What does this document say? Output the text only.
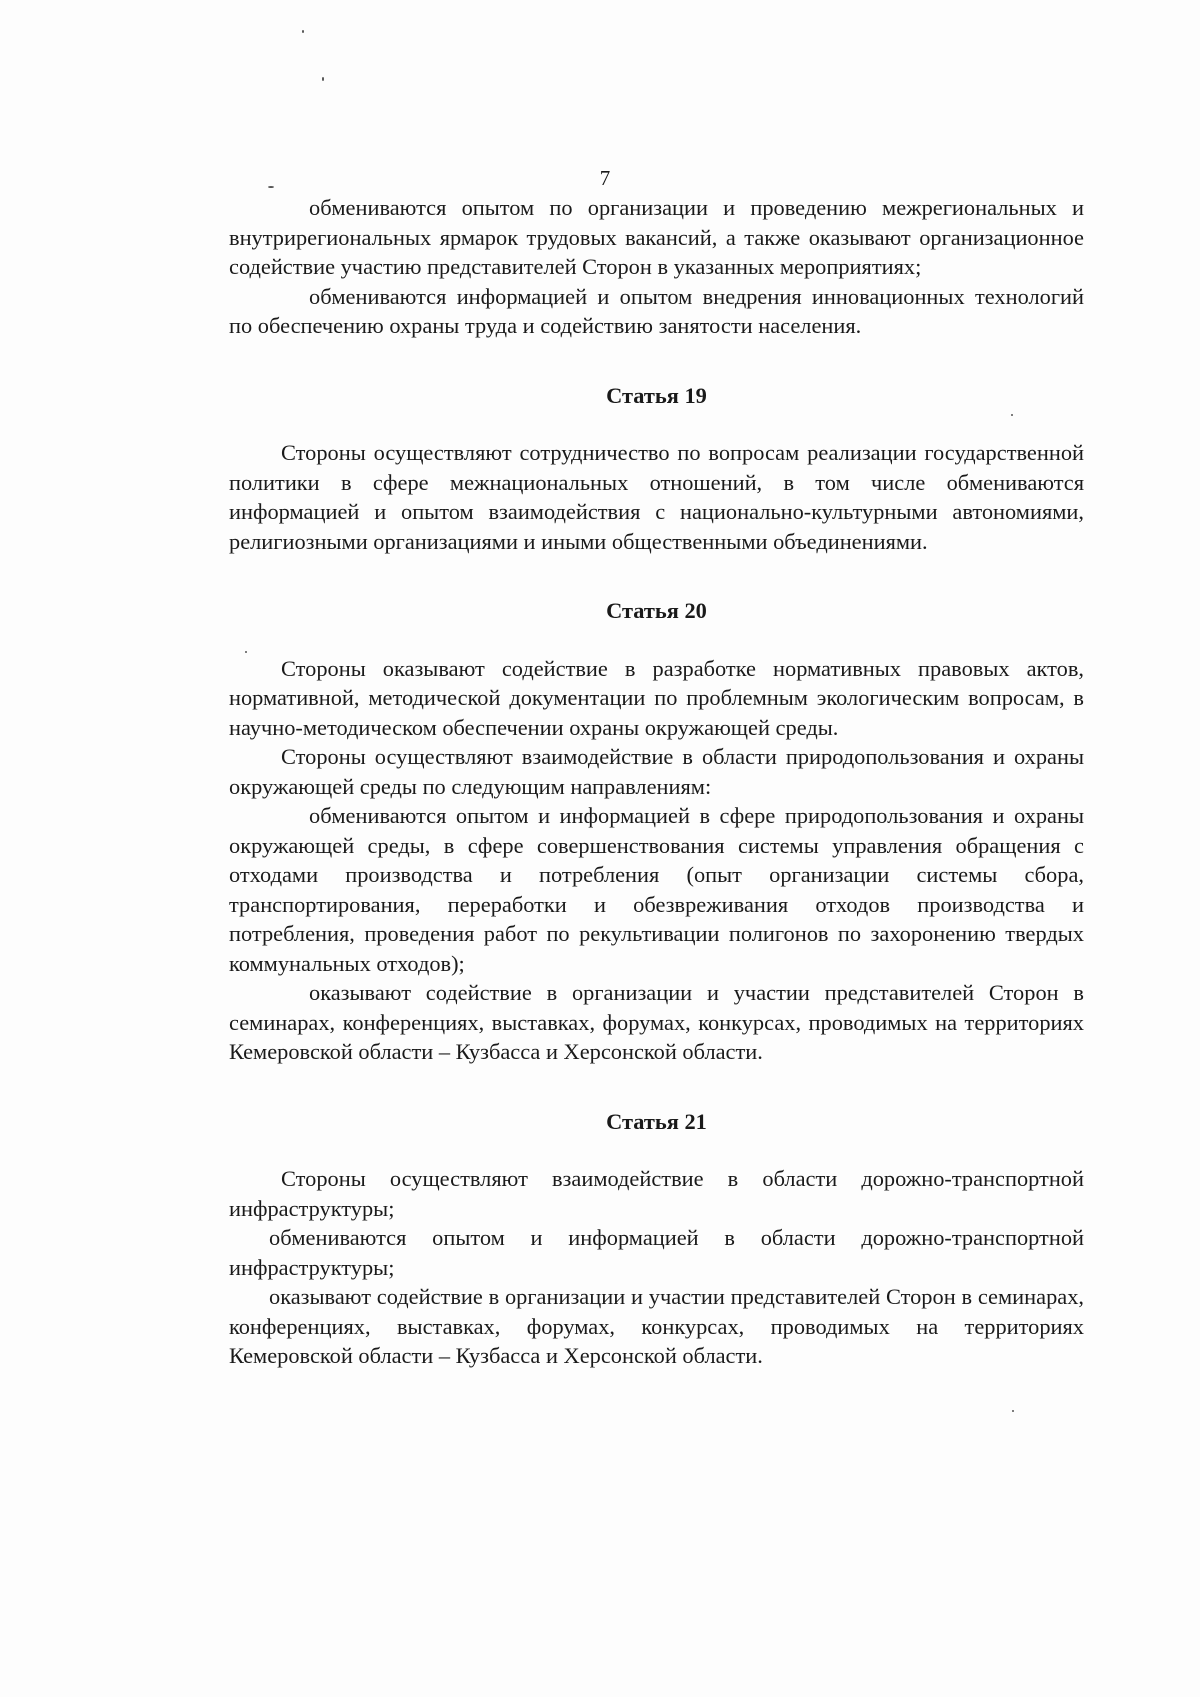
7

обмениваются опытом по организации и проведению межрегиональных и внутрирегиональных ярмарок трудовых вакансий, а также оказывают организационное содействие участию представителей Сторон в указанных мероприятиях;

обмениваются информацией и опытом внедрения инновационных технологий по обеспечению охраны труда и содействию занятости населения.

Статья 19

Стороны осуществляют сотрудничество по вопросам реализации государственной политики в сфере межнациональных отношений, в том числе обмениваются информацией и опытом взаимодействия с национально-культурными автономиями, религиозными организациями и иными общественными объединениями.

Статья 20

Стороны оказывают содействие в разработке нормативных правовых актов, нормативной, методической документации по проблемным экологическим вопросам, в научно-методическом обеспечении охраны окружающей среды.

Стороны осуществляют взаимодействие в области природопользования и охраны окружающей среды по следующим направлениям:

обмениваются опытом и информацией в сфере природопользования и охраны окружающей среды, в сфере совершенствования системы управления обращения с отходами производства и потребления (опыт организации системы сбора, транспортирования, переработки и обезвреживания отходов производства и потребления, проведения работ по рекультивации полигонов по захоронению твердых коммунальных отходов);

оказывают содействие в организации и участии представителей Сторон в семинарах, конференциях, выставках, форумах, конкурсах, проводимых на территориях Кемеровской области – Кузбасса и Херсонской области.

Статья 21

Стороны осуществляют взаимодействие в области дорожно-транспортной инфраструктуры;

обмениваются опытом и информацией в области дорожно-транспортной инфраструктуры;

оказывают содействие в организации и участии представителей Сторон в семинарах, конференциях, выставках, форумах, конкурсах, проводимых на территориях Кемеровской области – Кузбасса и Херсонской области.
